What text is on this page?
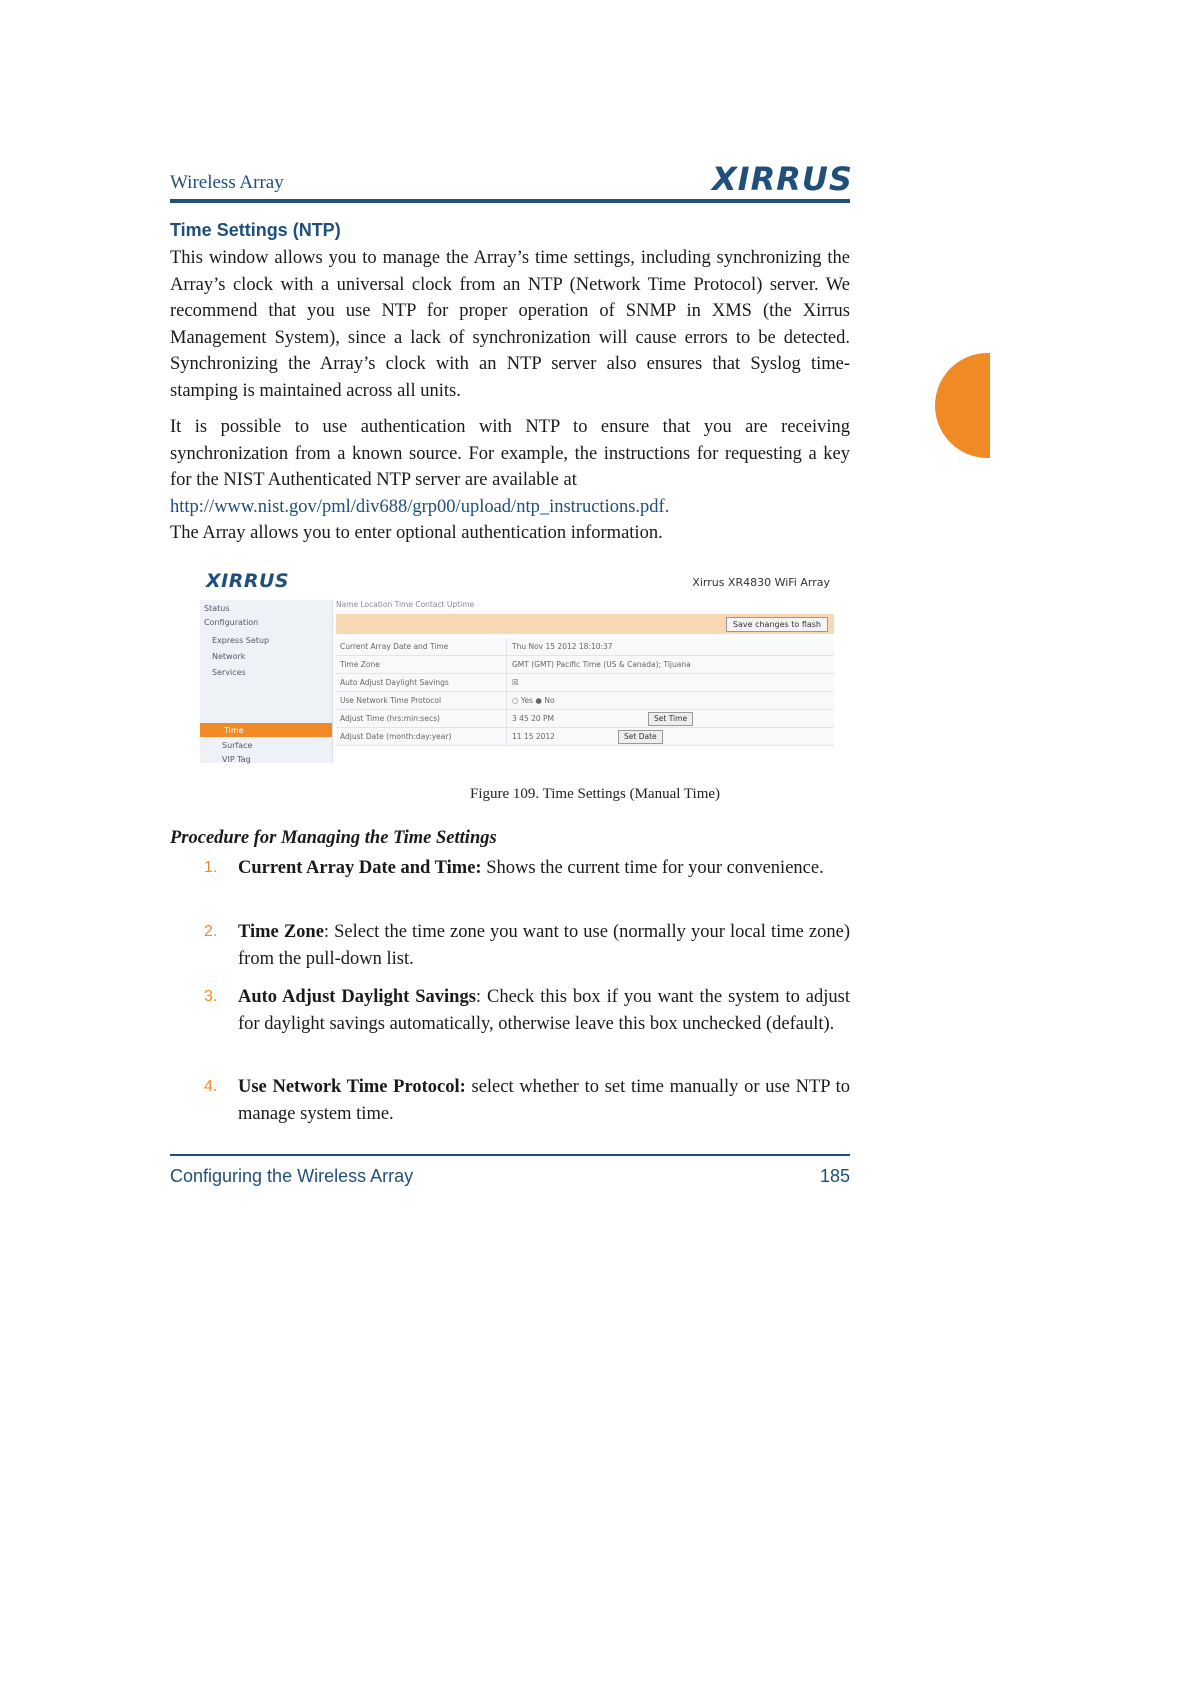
Wireless Array	XIRRUS
Time Settings (NTP)
This window allows you to manage the Array’s time settings, including synchronizing the Array’s clock with a universal clock from an NTP (Network Time Protocol) server. We recommend that you use NTP for proper operation of SNMP in XMS (the Xirrus Management System), since a lack of synchronization will cause errors to be detected. Synchronizing the Array’s clock with an NTP server also ensures that Syslog time-stamping is maintained across all units.
It is possible to use authentication with NTP to ensure that you are receiving synchronization from a known source. For example, the instructions for requesting a key for the NIST Authenticated NTP server are available at
http://www.nist.gov/pml/div688/grp00/upload/ntp_instructions.pdf.
The Array allows you to enter optional authentication information.
XIRRUS	Xirrus XR4830 WiFi Array
Status
Configuration
Express Setup
Network
Services
Time
Surface
VIP Tag
Name Location Time Contact Uptime
Save changes to flash
Current Array Date and Time	Thu Nov 15 2012 18:10:37
Time Zone	GMT (GMT) Pacific Time (US & Canada); Tijuana
Auto Adjust Daylight Savings	☒
Use Network Time Protocol	○ Yes ● No
Adjust Time (hrs:min:secs)	3 45 20 PM	Set Time
Adjust Date (month:day:year)	11 15 2012	Set Date
Figure 109. Time Settings (Manual Time)
Procedure for Managing the Time Settings
1. Current Array Date and Time: Shows the current time for your convenience.
2. Time Zone: Select the time zone you want to use (normally your local time zone) from the pull-down list.
3. Auto Adjust Daylight Savings: Check this box if you want the system to adjust for daylight savings automatically, otherwise leave this box unchecked (default).
4. Use Network Time Protocol: select whether to set time manually or use NTP to manage system time.
Configuring the Wireless Array	185
